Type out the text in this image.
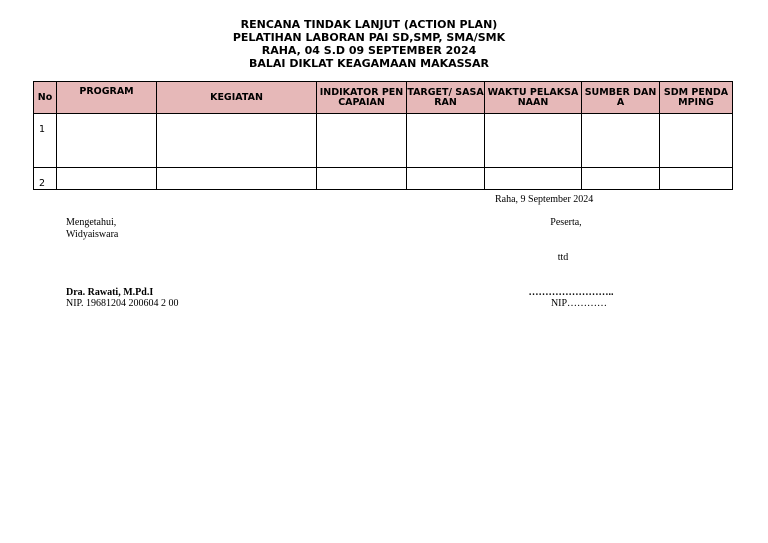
RENCANA TINDAK LANJUT (ACTION PLAN)
PELATIHAN LABORAN PAI SD,SMP, SMA/SMK
RAHA, 04 S.D 09 SEPTEMBER 2024
BALAI DIKLAT KEAGAMAAN MAKASSAR
No	PROGRAM	KEGIATAN	INDIKATOR PENCAPAIAN	TARGET/ SASARAN	WAKTU PELAKSANAAN	SUMBER DANA	SDM PENDAMPING
1							
2							
Raha, 9 September 2024
Mengetahui,
Widyaiswara
Dra. Rawati, M.Pd.I
NIP. 19681204 200604 2 00
Peserta,
ttd
……………………..
NIP…………
